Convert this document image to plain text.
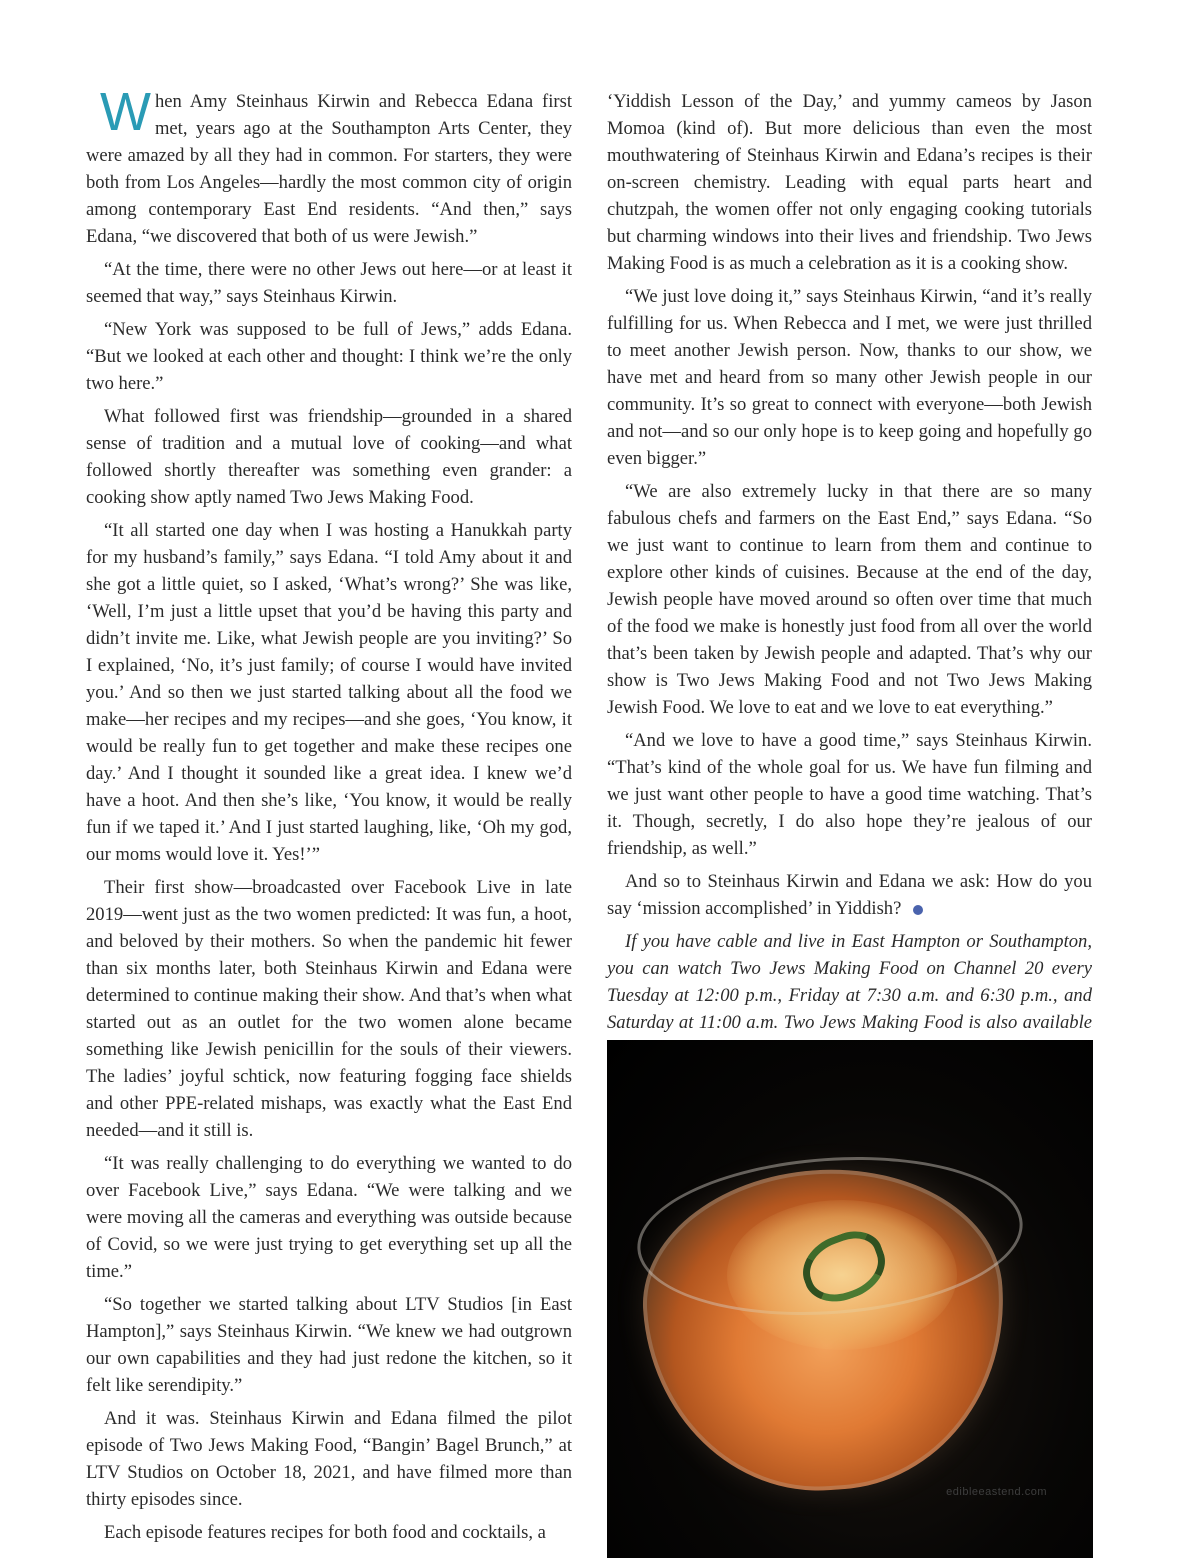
When Amy Steinhaus Kirwin and Rebecca Edana first met, years ago at the Southampton Arts Center, they were amazed by all they had in common. For starters, they were both from Los Angeles—hardly the most common city of origin among contemporary East End residents. “And then,” says Edana, “we discovered that both of us were Jewish.”

“At the time, there were no other Jews out here—or at least it seemed that way,” says Steinhaus Kirwin.

“New York was supposed to be full of Jews,” adds Edana. “But we looked at each other and thought: I think we’re the only two here.”

What followed first was friendship—grounded in a shared sense of tradition and a mutual love of cooking—and what followed shortly thereafter was something even grander: a cooking show aptly named Two Jews Making Food.

“It all started one day when I was hosting a Hanukkah party for my husband’s family,” says Edana. “I told Amy about it and she got a little quiet, so I asked, ‘What’s wrong?’ She was like, ‘Well, I’m just a little upset that you’d be having this party and didn’t invite me. Like, what Jewish people are you inviting?’ So I explained, ‘No, it’s just family; of course I would have invited you.’ And so then we just started talking about all the food we make—her recipes and my recipes—and she goes, ‘You know, it would be really fun to get together and make these recipes one day.’ And I thought it sounded like a great idea. I knew we’d have a hoot. And then she’s like, ‘You know, it would be really fun if we taped it.’ And I just started laughing, like, ‘Oh my god, our moms would love it. Yes!’”

Their first show—broadcasted over Facebook Live in late 2019—went just as the two women predicted: It was fun, a hoot, and beloved by their mothers. So when the pandemic hit fewer than six months later, both Steinhaus Kirwin and Edana were determined to continue making their show. And that’s when what started out as an outlet for the two women alone became something like Jewish penicillin for the souls of their viewers. The ladies’ joyful schtick, now featuring fogging face shields and other PPE-related mishaps, was exactly what the East End needed—and it still is.

“It was really challenging to do everything we wanted to do over Facebook Live,” says Edana. “We were talking and we were moving all the cameras and everything was outside because of Covid, so we were just trying to get everything set up all the time.”

“So together we started talking about LTV Studios [in East Hampton],” says Steinhaus Kirwin. “We knew we had outgrown our own capabilities and they had just redone the kitchen, so it felt like serendipity.”

And it was. Steinhaus Kirwin and Edana filmed the pilot episode of Two Jews Making Food, “Bangin’ Bagel Brunch,” at LTV Studios on October 18, 2021, and have filmed more than thirty episodes since.

Each episode features recipes for both food and cocktails, a

‘Yiddish Lesson of the Day,’ and yummy cameos by Jason Momoa (kind of). But more delicious than even the most mouthwatering of Steinhaus Kirwin and Edana’s recipes is their on-screen chemistry. Leading with equal parts heart and chutzpah, the women offer not only engaging cooking tutorials but charming windows into their lives and friendship. Two Jews Making Food is as much a celebration as it is a cooking show.

“We just love doing it,” says Steinhaus Kirwin, “and it’s really fulfilling for us. When Rebecca and I met, we were just thrilled to meet another Jewish person. Now, thanks to our show, we have met and heard from so many other Jewish people in our community. It’s so great to connect with everyone—both Jewish and not—and so our only hope is to keep going and hopefully go even bigger.”

“We are also extremely lucky in that there are so many fabulous chefs and farmers on the East End,” says Edana. “So we just want to continue to learn from them and continue to explore other kinds of cuisines. Because at the end of the day, Jewish people have moved around so often over time that much of the food we make is honestly just food from all over the world that’s been taken by Jewish people and adapted. That’s why our show is Two Jews Making Food and not Two Jews Making Jewish Food. We love to eat and we love to eat everything.”

“And we love to have a good time,” says Steinhaus Kirwin. “That’s kind of the whole goal for us. We have fun filming and we just want other people to have a good time watching. That’s it. Though, secretly, I do also hope they’re jealous of our friendship, as well.”

And so to Steinhaus Kirwin and Edana we ask: How do you say ‘mission accomplished’ in Yiddish?

If you have cable and live in East Hampton or Southampton, you can watch Two Jews Making Food on Channel 20 every Tuesday at 12:00 p.m., Friday at 7:30 a.m. and 6:30 p.m., and Saturday at 11:00 a.m. Two Jews Making Food is also available

edibleeastend.com
